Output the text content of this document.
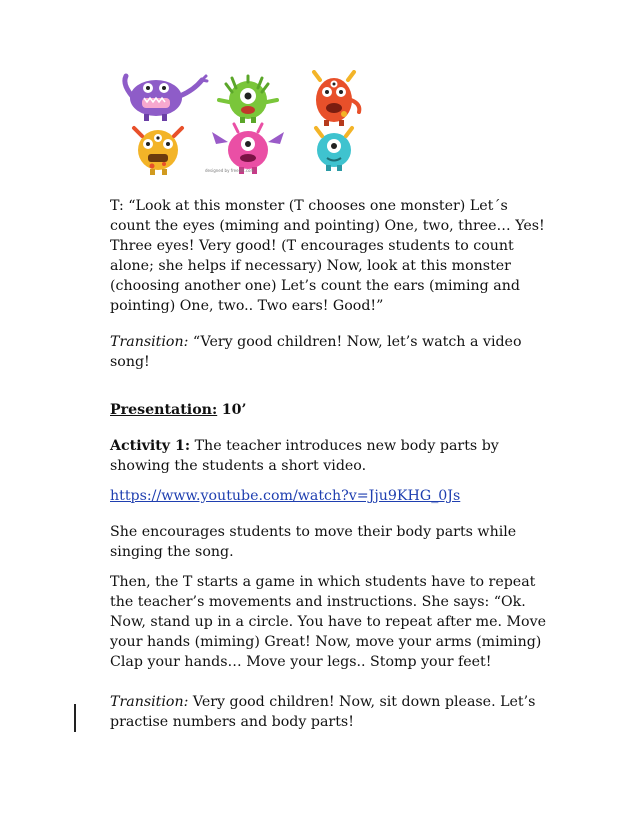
designed by freepik.com

T: “Look at this monster (T chooses one monster) Let´s count the eyes (miming and pointing) One, two, three… Yes! Three eyes! Very good! (T encourages students to count alone; she helps if necessary) Now, look at this monster (choosing another one) Let’s count the ears (miming and pointing) One, two.. Two ears! Good!”

Transition: “Very good children! Now, let’s watch a video song!

Presentation: 10’

Activity 1: The teacher introduces new body parts by showing the students a short video.

https://www.youtube.com/watch?v=Jju9KHG_0Js

She encourages students to move their body parts while singing the song.

Then, the T starts a game in which students have to repeat the teacher’s movements and instructions. She says: “Ok. Now, stand up in a circle. You have to repeat after me. Move your hands (miming) Great! Now, move your arms (miming) Clap your hands… Move your legs.. Stomp your feet!

Transition: Very good children! Now, sit down please. Let’s practise numbers and body parts!
